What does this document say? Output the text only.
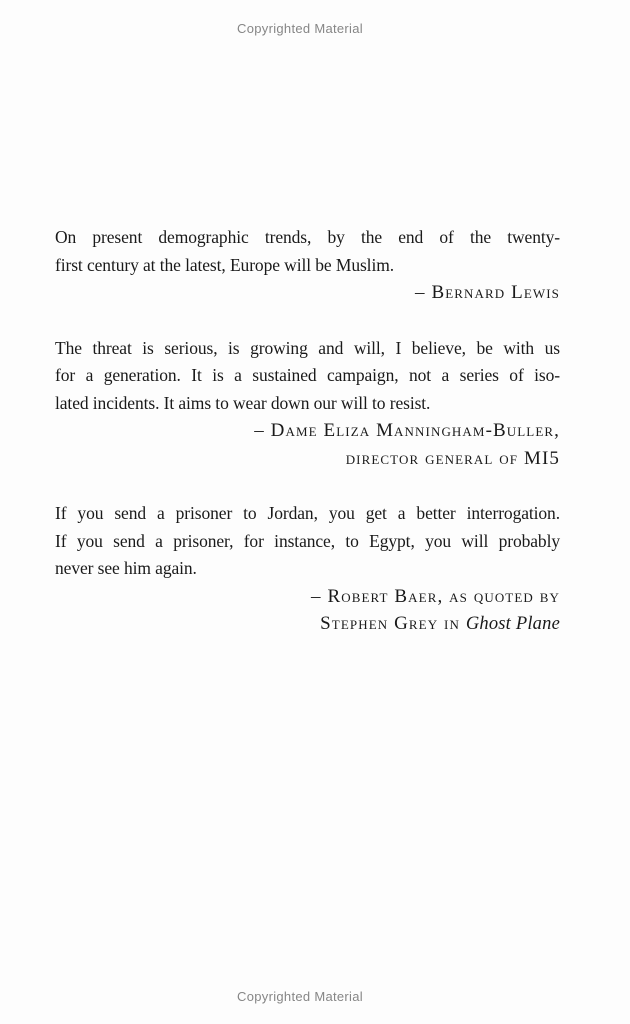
Copyrighted Material
On present demographic trends, by the end of the twenty-
first century at the latest, Europe will be Muslim.
– Bernard Lewis
The threat is serious, is growing and will, I believe, be with us
for a generation. It is a sustained campaign, not a series of iso-
lated incidents. It aims to wear down our will to resist.
– Dame Eliza Manningham-Buller,
director general of MI5
If you send a prisoner to Jordan, you get a better interrogation.
If you send a prisoner, for instance, to Egypt, you will probably
never see him again.
– Robert Baer, as quoted by
Stephen Grey in Ghost Plane
Copyrighted Material
